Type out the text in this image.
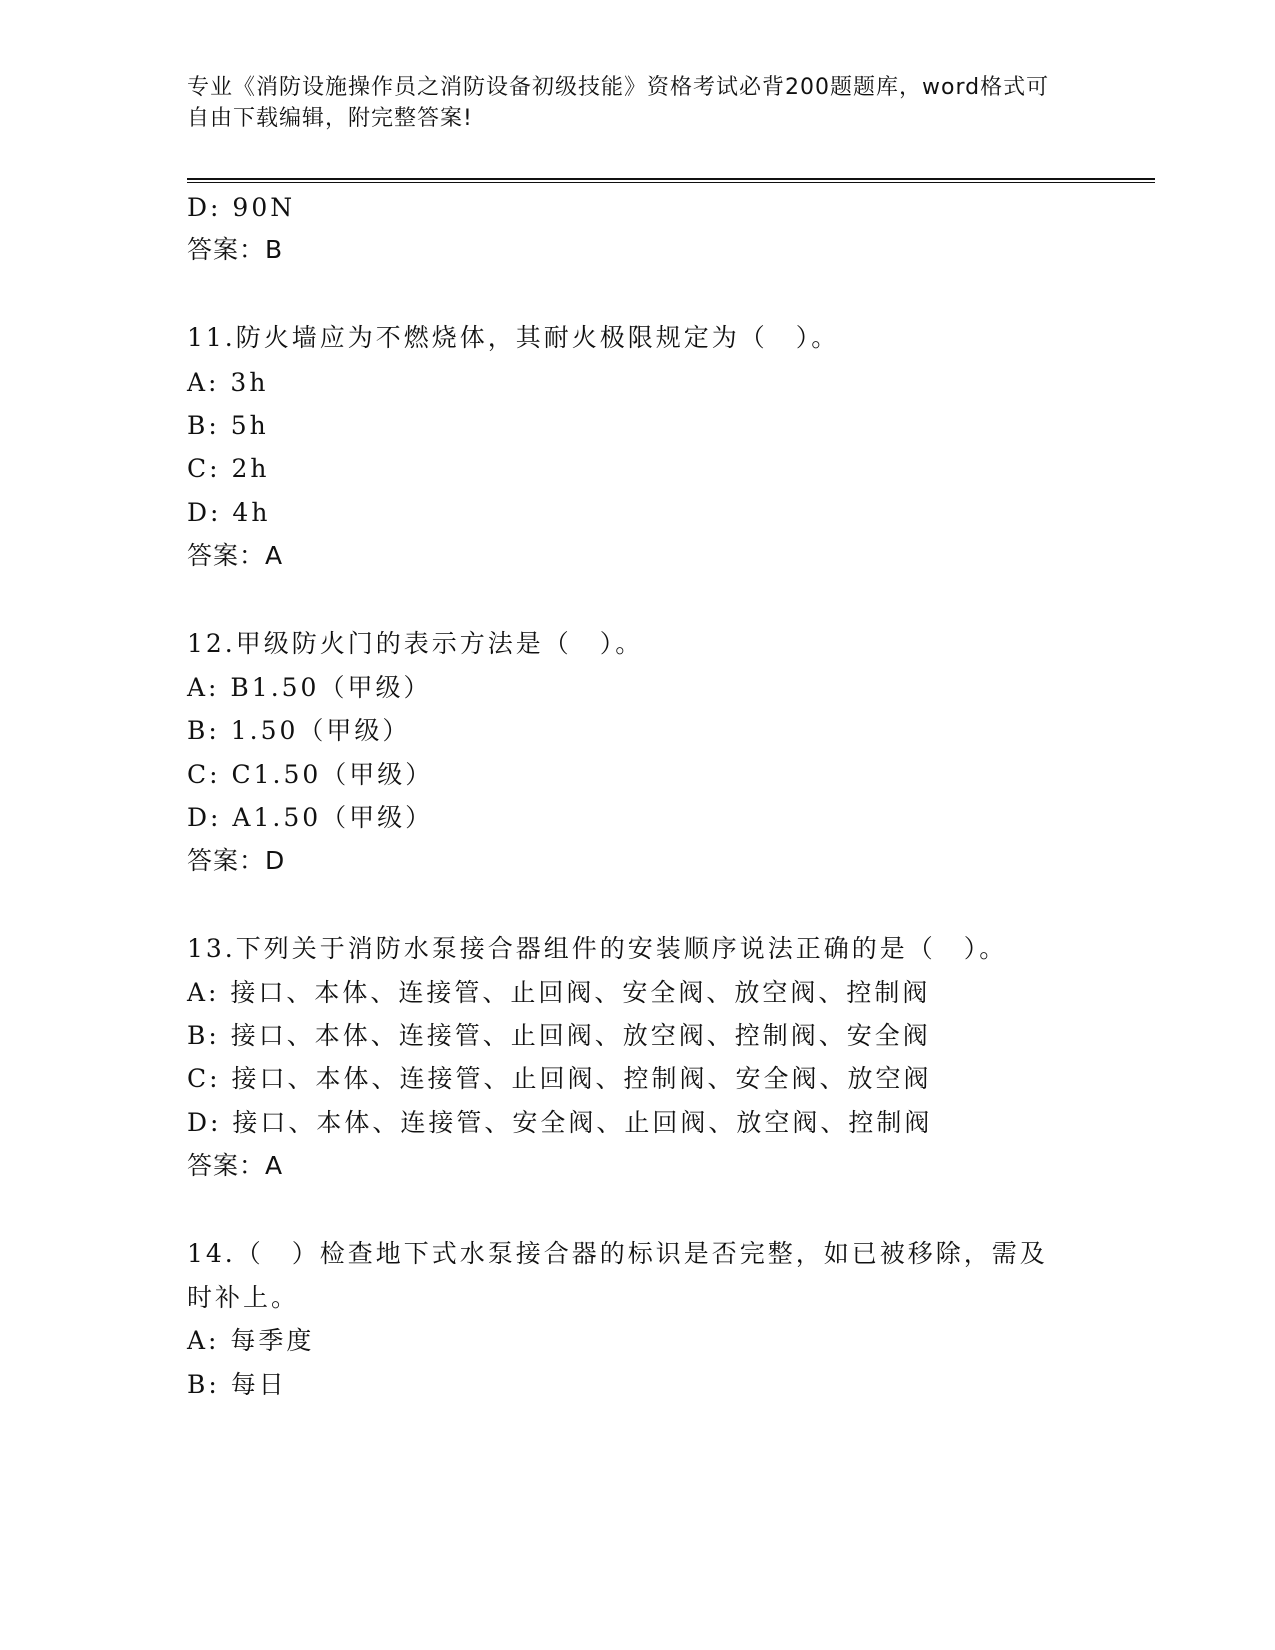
专业《消防设施操作员之消防设备初级技能》资格考试必背200题题库，word格式可自由下载编辑，附完整答案!
D: 90N
答案：B
11.防火墙应为不燃烧体，其耐火极限规定为（　）。
A: 3h
B: 5h
C: 2h
D: 4h
答案：A
12.甲级防火门的表示方法是（　）。
A: B1.50（甲级）
B: 1.50（甲级）
C: C1.50（甲级）
D: A1.50（甲级）
答案：D
13.下列关于消防水泵接合器组件的安装顺序说法正确的是（　）。
A: 接口、本体、连接管、止回阀、安全阀、放空阀、控制阀
B: 接口、本体、连接管、止回阀、放空阀、控制阀、安全阀
C: 接口、本体、连接管、止回阀、控制阀、安全阀、放空阀
D: 接口、本体、连接管、安全阀、止回阀、放空阀、控制阀
答案：A
14.（　）检查地下式水泵接合器的标识是否完整，如已被移除，需及
时补上。
A: 每季度
B: 每日
